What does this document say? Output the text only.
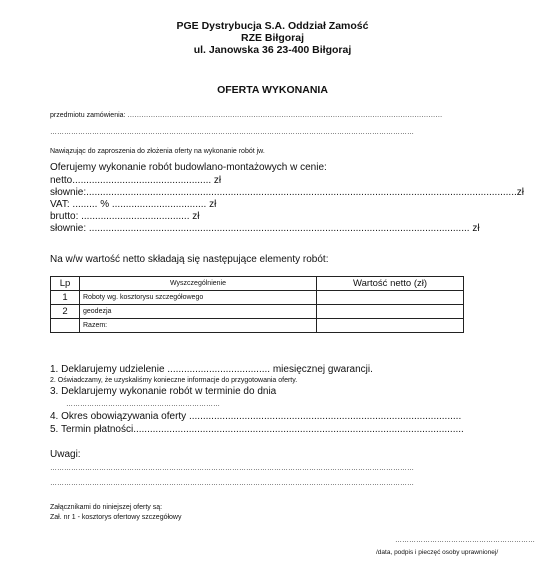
PGE Dystrybucja S.A. Oddział Zamość
RZE Biłgoraj
ul. Janowska 36 23-400 Biłgoraj
OFERTA WYKONANIA
przedmiotu zamówienia: ………………………………………………………………………………………………………………………
…………………………………………………………………………………………………………………………………………
Nawiązując do zaproszenia do złożenia oferty na wykonanie robót jw.
Oferujemy wykonanie robót budowlano-montażowych w cenie:
netto.................................................. zł
słownie:...........................................................................................................................................................zł
VAT: ......... % .................................. zł
brutto: ....................................... zł
słownie: ......................................................................................................................................... zł
Na w/w wartość netto składają się następujące elementy robót:
Lp	Wyszczególnienie	Wartość netto (zł)
1	Roboty wg. kosztorysu szczegółowego	
2	geodezja	
	Razem:	
1. Deklarujemy udzielenie ..................................... miesięcznej gwarancji.
2. Oświadczamy, że uzyskaliśmy konieczne informacje do przygotowania oferty.
3. Deklarujemy wykonanie robót w terminie do dnia
…………………………………………………………
4. Okres obowiązywania oferty ..................................................................................................
5. Termin płatności.......................................................................................................................
Uwagi:
…………………………………………………………………………………………………………………………………………
…………………………………………………………………………………………………………………………………………
Załącznikami do niniejszej oferty są:
Zał. nr 1 - kosztorys ofertowy szczegółowy
……………………………………………………
/data, podpis i pieczęć osoby uprawnionej/
